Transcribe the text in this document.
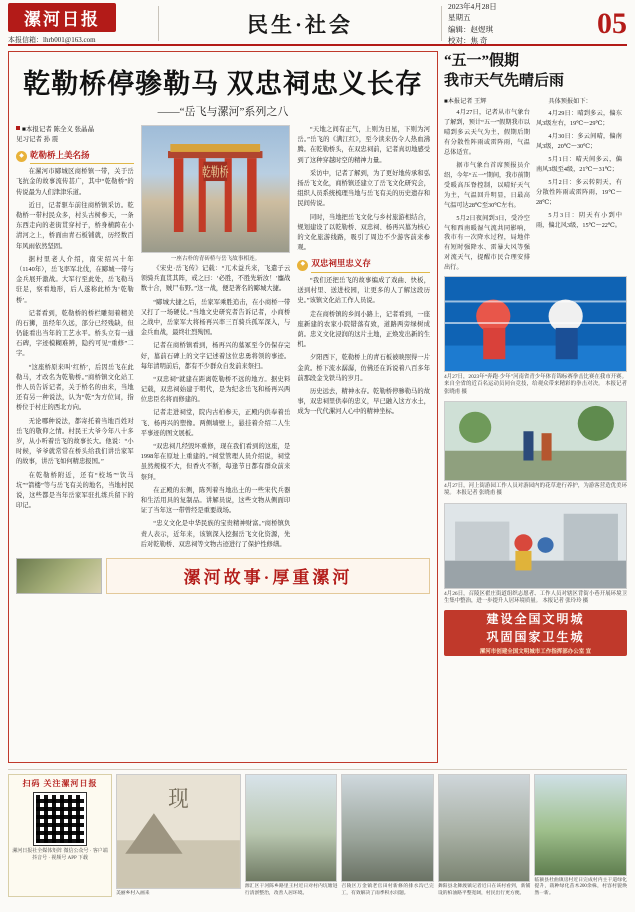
漯河日报
本报信箱：lhrb001@163.com
民生·社会
2023年4月28日
星期五
编辑：赵煜琪
校对：焦 奇
05
乾勒桥停骖勒马 双忠祠忠义长存
——“岳飞与漯河”系列之八
■本报记者 陈全义 张晶晶
见习记者 孙 震
◆ 乾勒桥上美名扬

在漯河市郾城区商桥镇一带，关于岳飞抗金的故事流传甚广，其中“乾勒桥”的传说最为人们津津乐道。

近日，记者驱车前往商桥镇采访。乾勒桥一带村民众多，村头古树参天，一条东西走向的老街贯穿村子，桥身横跨在小清河之上，桥面由青石板铺就，历经数百年风雨依然坚固。

据村里老人介绍，南宋绍兴十年（1140年），岳飞率军北伐，在郾城一带与金兵展开激战。大军行至此处，岳飞勒马驻足，察看地形，后人遂称此桥为‘乾勒桥’。

记者看到，乾勒桥的桥栏雕刻着精美的石狮，虽经年久远，部分已经残缺，但仍能看出当年的工艺水平。桥头立有一通石碑，字迹模糊难辨，隐约可见“重修”二字。

“这座桥原来叫‘红桥’，后因岳飞在此勒马，才改名为乾勒桥。”商桥镇文化站工作人员告诉记者，关于桥名的由来，当地还有另一种说法，认为“乾”为方位词，指桥位于村庄的西北方向。

无论哪种说法，都寄托着当地百姓对岳飞的敬仰之情。村民王大爷今年八十多岁，从小听着岳飞的故事长大。他说：“小时候，爷爷就常常在桥头给我们讲岳家军的故事，讲岳飞如何精忠报国。”

在乾勒桥附近，还有“校场”“饮马坑”“箭楼”等与岳飞有关的地名，当地村民说，这些都是当年岳家军驻扎练兵留下的印记。

乾勒桥
一座古朴的青砖桥与岳飞故事相连。

《宋史·岳飞传》记载：“兀术益兵来，飞遣子云领骑兵直贯其阵，戒之曰：‘必胜，不胜先斩汝！’鏖战数十合，贼尸布野。”这一战，便是著名的郾城大捷。

“郾城大捷之后，岳家军乘胜追击，在小商桥一带又打了一场硬仗。”当地文史研究者告诉记者，小商桥之战中，岳家军大将杨再兴率三百骑兵孤军深入，与金兵血战，最终壮烈殉国。

记者在商桥镇看到，杨再兴的墓冢至今仍保存完好，墓前石碑上的文字记述着这位忠勇将领的事迹。每年清明前后，都有不少群众自发前来祭扫。

“双忠祠”就建在距离乾勒桥不远的地方。据史料记载，双忠祠始建于明代，是为纪念岳飞和杨再兴两位忠臣名将而修建的。

记者走进祠堂，院内古柏参天，正殿内供奉着岳飞、杨再兴的塑像。两侧墙壁上，悬挂着介绍二人生平事迹的图文展板。

“双忠祠几经毁坏重修，现在我们看到的这座，是1998年在原址上重建的。”祠堂管理人员介绍说，祠堂虽然规模不大，但香火不断，每逢节日都有群众前来祭拜。

在正殿的东侧，陈列着当地出土的一些宋代兵器和生活用具的复制品。讲解员说，这些文物从侧面印证了当年这一带曾经是重要战场。

“忠义文化是中华民族的宝贵精神财富。”商桥镇负责人表示，近年来，该镇深入挖掘岳飞文化资源，先后对乾勒桥、双忠祠等文物古迹进行了保护性修缮。

“天地之间有正气，上则为日星，下则为河岳。”岳飞的《满江红》，至今读来仍令人热血沸腾。在乾勒桥头，在双忠祠前，记者真切地感受到了这种穿越时空的精神力量。

采访中，记者了解到，为了更好地传承和弘扬岳飞文化，商桥镇还建立了岳飞文化研究会，组织人员系统梳理当地与岳飞有关的历史遗存和民间传说。

同时，当地把岳飞文化与乡村旅游相结合，规划建设了以乾勒桥、双忠祠、杨再兴墓为核心的文化旅游线路，吸引了周边不少游客前来参观。

◆ 双忠祠里忠义存

“我们还把岳飞的故事编成了戏曲、快板，送到村里、送进校园，让更多的人了解这段历史。”该镇文化站工作人员说。

走在商桥镇的乡间小路上，记者看到，一座座新建的农家小院错落有致，道路两旁绿树成荫。忠义文化浸润的这片土地，正焕发出新的生机。

夕阳西下，乾勒桥上的青石板被映照得一片金黄。桥下流水潺潺，仿佛还在诉说着八百多年前那段金戈铁马的岁月。

历史远去，精神永存。乾勒桥停骖勒马的故事，双忠祠里供奉的忠义，早已融入这方水土，成为一代代漯河人心中的精神坐标。

漯河故事·厚重漯河
“五一”假期
我市天气先晴后雨
■本报记者 王辉

4月27日，记者从市气象台了解到，预计“五一”假期我市以晴到多云天气为主，假期后期有分散性阵雨或雷阵雨，气温总体适宜。

据市气象台首席预报员介绍，今年“五一”期间，我市前期受暖高压脊控制，以晴好天气为主，气温回升明显，日最高气温可达28℃至30℃左右。

5月2日夜间到3日，受冷空气和西南暖湿气流共同影响，我市有一次降水过程，局地伴有短时强降水、雷暴大风等强对流天气，提醒市民合理安排出行。

具体预报如下：

4月29日：晴到多云，偏东风3级左右，19℃～29℃；

4月30日：多云间晴，偏南风3级，20℃～30℃；

5月1日：晴天间多云，偏南风3级至4级，21℃～31℃；

5月2日：多云转阴天，有分散性阵雨或雷阵雨，19℃～28℃；

5月3日：阴天有小到中雨，偏北风3级，15℃～22℃。

4月27日，2023年“奔跑·少年”河南省青少年体育锦标赛拳击比赛在我市开赛。来自全省的近百名运动员同台竞技，给观众带来精彩的拳击对决。 本报记者 张晓甫 摄
4月27日，河上街游园工作人员对游园内的花草进行养护，为游客营造优美环境。 本报记者 张晓甫 摄
4月26日，召陵区翟庄街道组织志愿者、工作人员对辖区背街小巷开展环境卫生集中整治，进一步提升人居环境质量。 本报记者 张玲玲 摄
建设全国文明城
巩固国家卫生城
漯河市创建全国文明城市工作指挥部办公室 宣
扫码 关注漯河日报
漯河日报社全媒体矩阵 微信公众号 · 客户端 抖音号 · 视频号 APP 下载
现
美丽乡村入画来
源汇区干河陈乡路里王村近日对村内坑塘进行清淤整治，改善人居环境。
召陵区万金镇老官田村新修的排水沟已完工，有效解决了雨季积水问题。
舞阳县北舞渡镇记者近日在该村看到，新铺设的柏油路平整宽阔，村民出行更方便。
临颍县杜曲镇房村近日完成村内主干道绿化提升，栽种绿化苗木200余株，村容村貌焕然一新。
